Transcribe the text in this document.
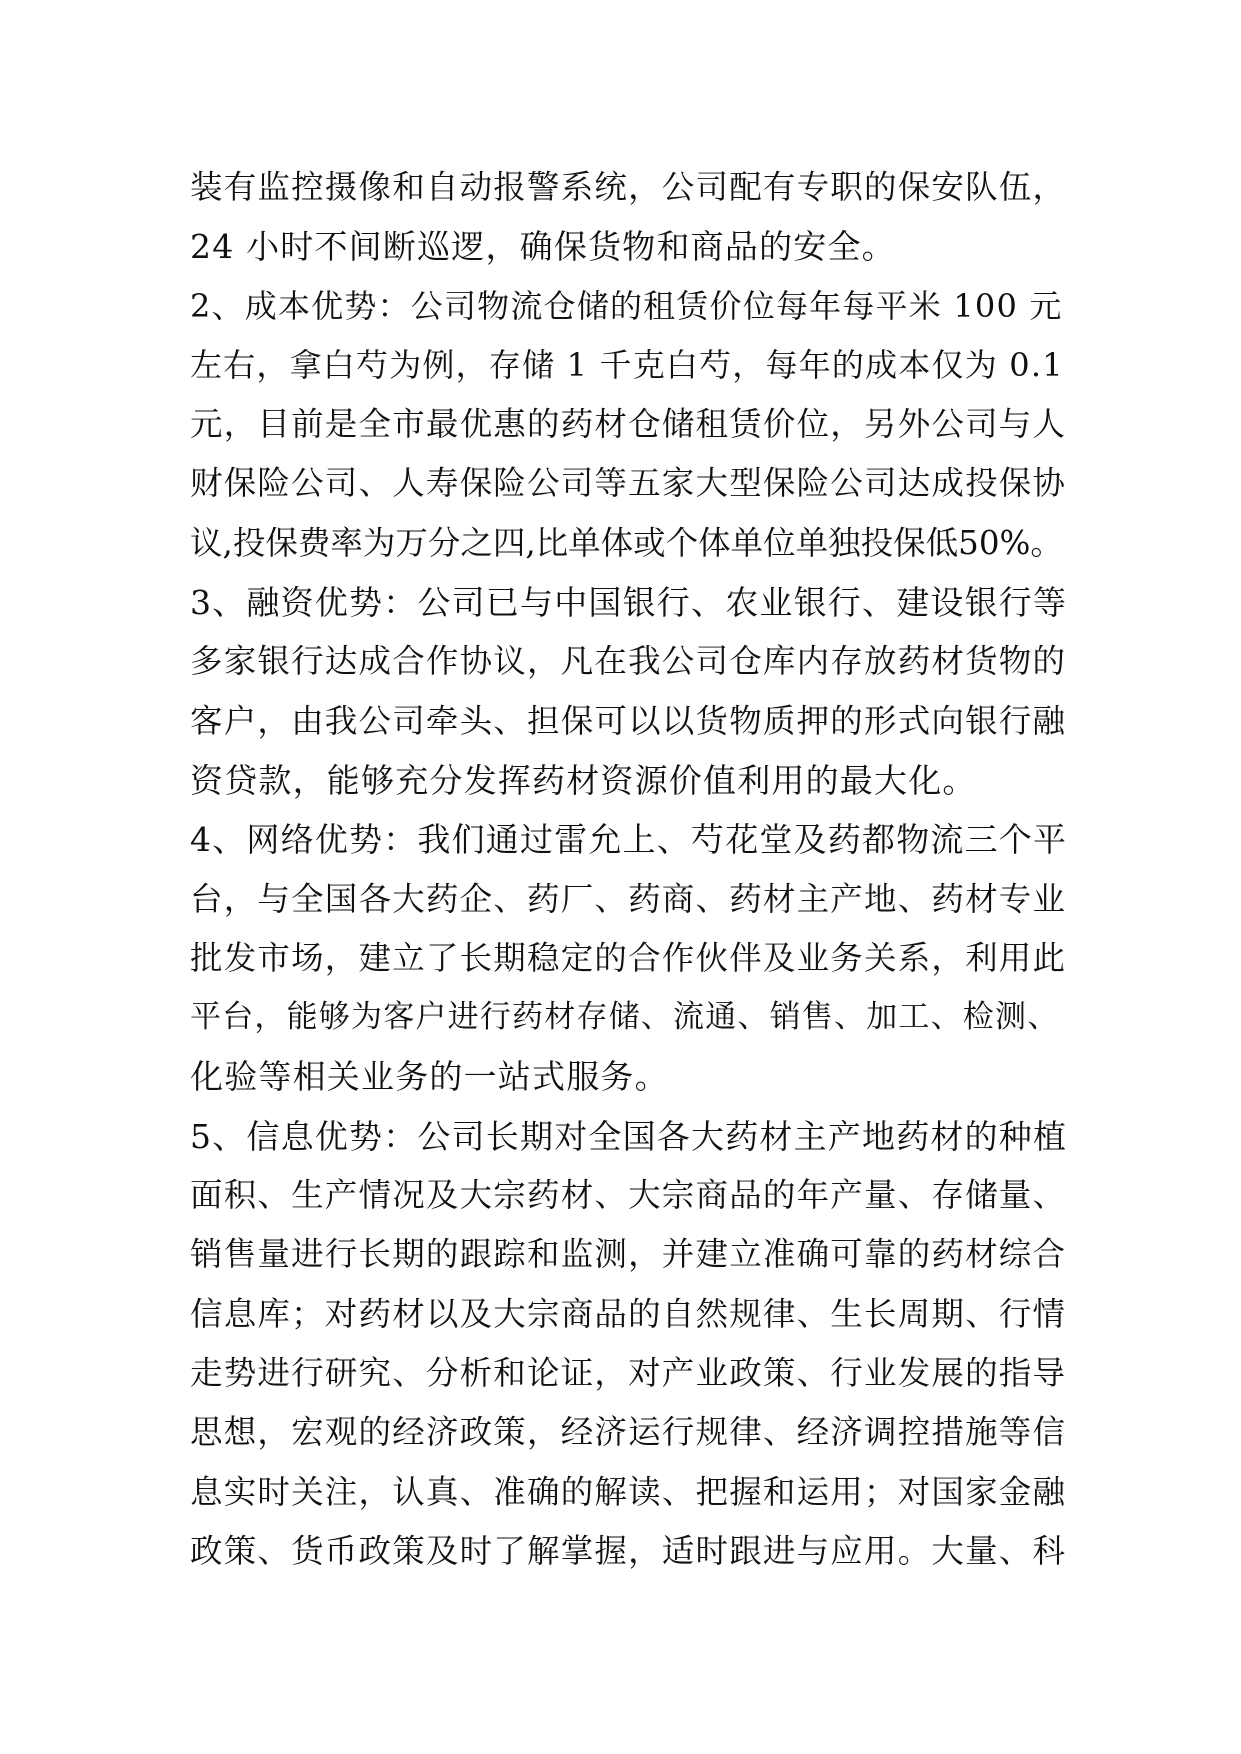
装有监控摄像和自动报警系统，公司配有专职的保安队伍，
24 小时不间断巡逻，确保货物和商品的安全。
2、成本优势：公司物流仓储的租赁价位每年每平米 100 元
左右，拿白芍为例，存储 1 千克白芍，每年的成本仅为 0.1
元，目前是全市最优惠的药材仓储租赁价位，另外公司与人
财保险公司、人寿保险公司等五家大型保险公司达成投保协
议,投保费率为万分之四,比单体或个体单位单独投保低50%。
3、融资优势：公司已与中国银行、农业银行、建设银行等
多家银行达成合作协议，凡在我公司仓库内存放药材货物的
客户，由我公司牵头、担保可以以货物质押的形式向银行融
资贷款，能够充分发挥药材资源价值利用的最大化。
4、网络优势：我们通过雷允上、芍花堂及药都物流三个平
台，与全国各大药企、药厂、药商、药材主产地、药材专业
批发市场，建立了长期稳定的合作伙伴及业务关系，利用此
平台，能够为客户进行药材存储、流通、销售、加工、检测、
化验等相关业务的一站式服务。
5、信息优势：公司长期对全国各大药材主产地药材的种植
面积、生产情况及大宗药材、大宗商品的年产量、存储量、
销售量进行长期的跟踪和监测，并建立准确可靠的药材综合
信息库；对药材以及大宗商品的自然规律、生长周期、行情
走势进行研究、分析和论证，对产业政策、行业发展的指导
思想，宏观的经济政策，经济运行规律、经济调控措施等信
息实时关注，认真、准确的解读、把握和运用；对国家金融
政策、货币政策及时了解掌握，适时跟进与应用。大量、科
